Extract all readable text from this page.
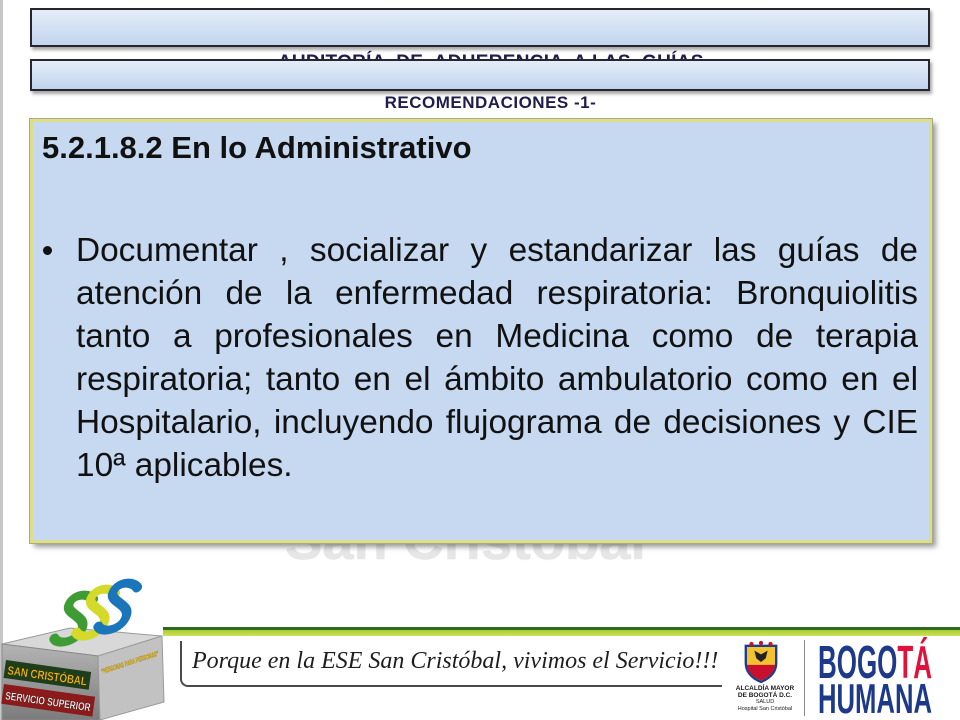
RECOMENDACIONES -1-

5.2.1.8.2 En lo Administrativo

Documentar , socializar y estandarizar las guías de atención de la enfermedad respiratoria: Bronquiolitis tanto a profesionales en Medicina como de terapia respiratoria; tanto en el ámbito ambulatorio como en el Hospitalario, incluyendo flujograma de decisiones y CIE 10ª aplicables.

SAN CRISTÓBAL
SERVICIO SUPERIOR
“PERSONAS PARA PERSONAS”
Porque en la ESE San Cristóbal, vivimos el Servicio!!!
ALCALDÍA MAYOR
DE BOGOTÁ D.C.
SALUD
Hospital San Cristóbal
BOGOTÁ
HUMANA
